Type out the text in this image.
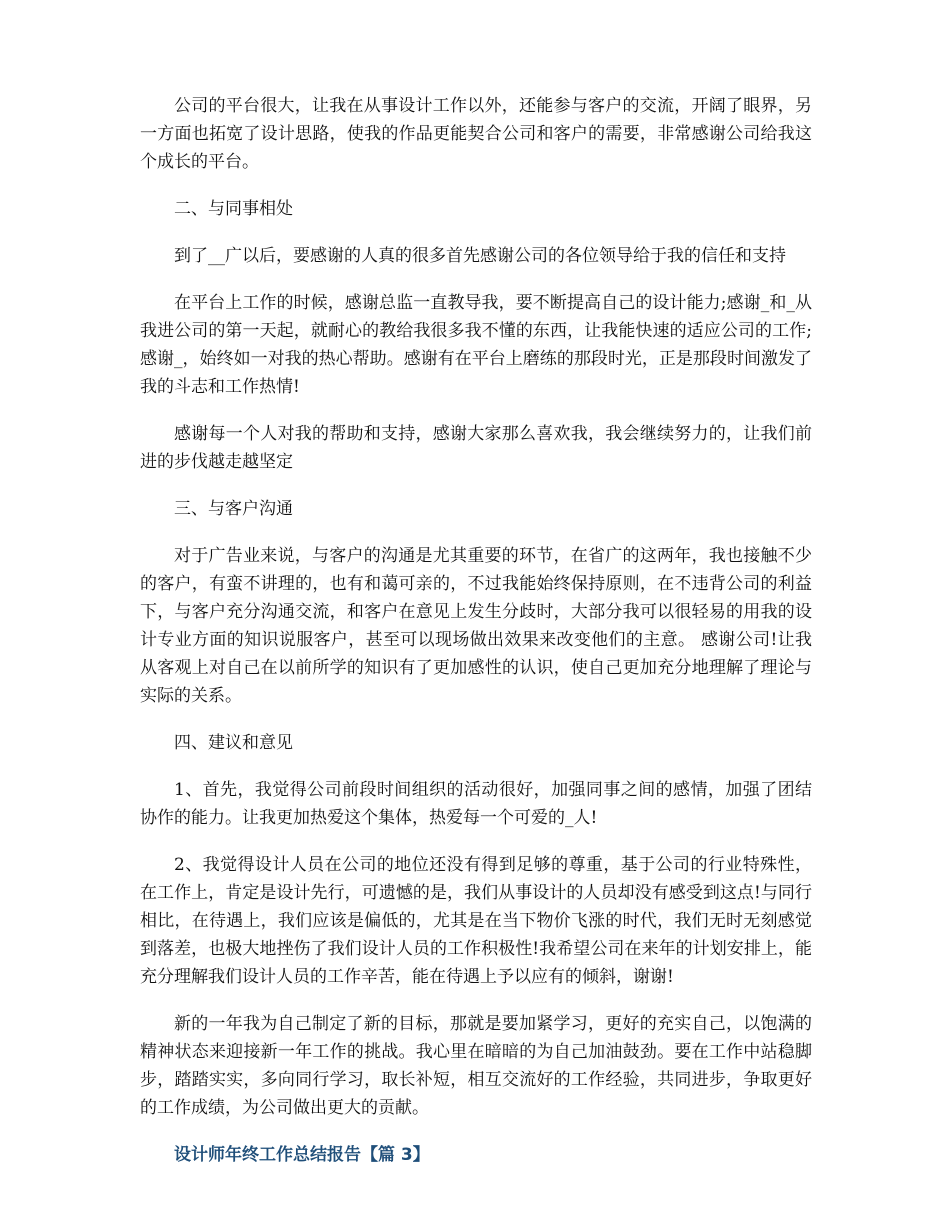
公司的平台很大，让我在从事设计工作以外，还能参与客户的交流，开阔了眼界，另一方面也拓宽了设计思路，使我的作品更能契合公司和客户的需要，非常感谢公司给我这个成长的平台。

二、与同事相处

到了__广以后，要感谢的人真的很多首先感谢公司的各位领导给于我的信任和支持

在平台上工作的时候，感谢总监一直教导我，要不断提高自己的设计能力;感谢_和_从我进公司的第一天起，就耐心的教给我很多我不懂的东西，让我能快速的适应公司的工作;感谢_，始终如一对我的热心帮助。感谢有在平台上磨练的那段时光，正是那段时间激发了我的斗志和工作热情!

感谢每一个人对我的帮助和支持，感谢大家那么喜欢我，我会继续努力的，让我们前进的步伐越走越坚定

三、与客户沟通

对于广告业来说，与客户的沟通是尤其重要的环节，在省广的这两年，我也接触不少的客户，有蛮不讲理的，也有和蔼可亲的，不过我能始终保持原则，在不违背公司的利益下，与客户充分沟通交流，和客户在意见上发生分歧时，大部分我可以很轻易的用我的设计专业方面的知识说服客户，甚至可以现场做出效果来改变他们的主意。 感谢公司!让我从客观上对自己在以前所学的知识有了更加感性的认识，使自己更加充分地理解了理论与实际的关系。

四、建议和意见

1、首先，我觉得公司前段时间组织的活动很好，加强同事之间的感情，加强了团结协作的能力。让我更加热爱这个集体，热爱每一个可爱的_人!

2、我觉得设计人员在公司的地位还没有得到足够的尊重，基于公司的行业特殊性，在工作上，肯定是设计先行，可遗憾的是，我们从事设计的人员却没有感受到这点!与同行相比，在待遇上，我们应该是偏低的，尤其是在当下物价飞涨的时代，我们无时无刻感觉到落差，也极大地挫伤了我们设计人员的工作积极性!我希望公司在来年的计划安排上，能充分理解我们设计人员的工作辛苦，能在待遇上予以应有的倾斜，谢谢!

新的一年我为自己制定了新的目标，那就是要加紧学习，更好的充实自己，以饱满的精神状态来迎接新一年工作的挑战。我心里在暗暗的为自己加油鼓劲。要在工作中站稳脚步，踏踏实实，多向同行学习，取长补短，相互交流好的工作经验，共同进步，争取更好的工作成绩，为公司做出更大的贡献。

设计师年终工作总结报告【篇 3】
